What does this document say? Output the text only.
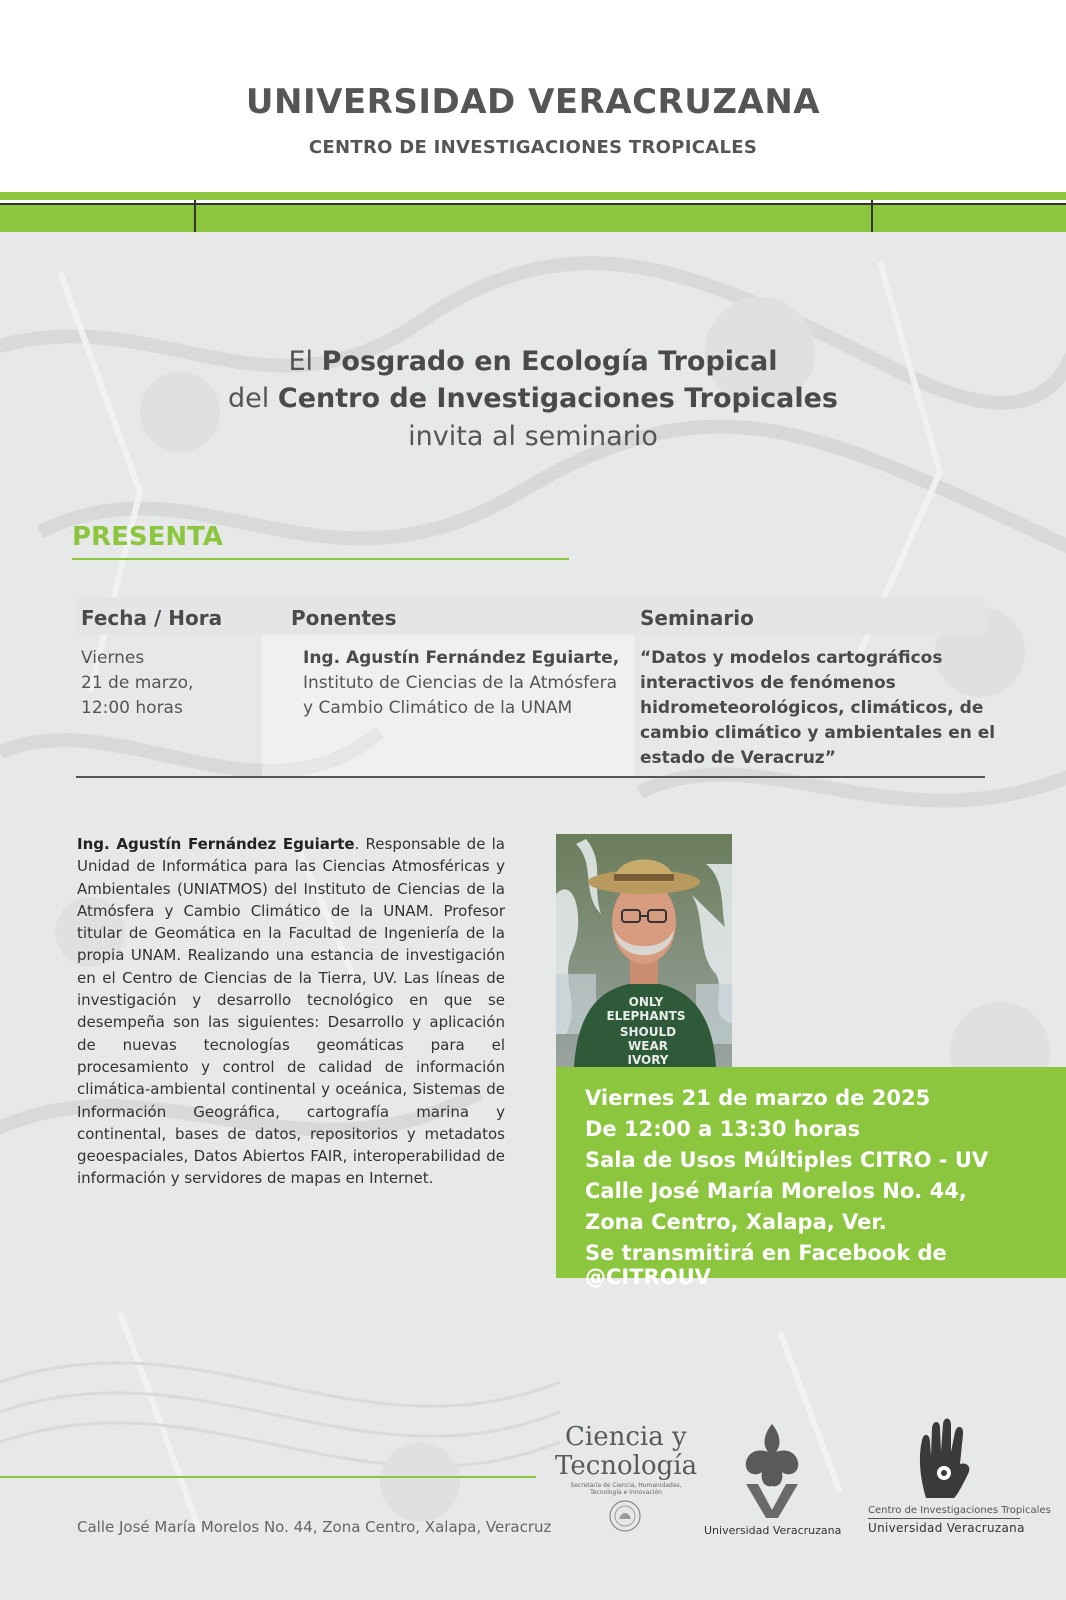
UNIVERSIDAD VERACRUZANA
CENTRO DE INVESTIGACIONES TROPICALES
El Posgrado en Ecología Tropical
del Centro de Investigaciones Tropicales
invita al seminario
PRESENTA
Fecha / Hora	Ponentes	Seminario
Viernes
21 de marzo,
12:00 horas
Ing. Agustín Fernández Eguiarte,
Instituto de Ciencias de la Atmósfera
y Cambio Climático de la UNAM
“Datos y modelos cartográficos
interactivos de fenómenos
hidrometeorológicos, climáticos, de
cambio climático y ambientales en el
estado de Veracruz”
Ing. Agustín Fernández Eguiarte. Responsable de la Unidad de Informática para las Ciencias Atmosféricas y Ambientales (UNIATMOS) del Instituto de Ciencias de la Atmósfera y Cambio Climático de la UNAM. Profesor titular de Geomática en la Facultad de Ingeniería de la propia UNAM. Realizando una estancia de investigación en el Centro de Ciencias de la Tierra, UV. Las líneas de investigación y desarrollo tecnológico en que se desempeña son las siguientes: Desarrollo y aplicación de nuevas tecnologías geomáticas para el procesamiento y control de calidad de información climática-ambiental continental y oceánica, Sistemas de Información Geográfica, cartografía marina y continental, bases de datos, repositorios y metadatos geoespaciales, Datos Abiertos FAIR, interoperabilidad de información y servidores de mapas en Internet.
ONLY
ELEPHANTS
SHOULD
WEAR
IVORY
Viernes 21 de marzo de 2025
De 12:00 a 13:30 horas
Sala de Usos Múltiples CITRO - UV
Calle José María Morelos No. 44,
Zona Centro, Xalapa, Ver.
Se transmitirá en Facebook de @CITROUV
Calle José María Morelos No. 44, Zona Centro, Xalapa, Veracruz
Ciencia y
Tecnología
Secretaría de Ciencia, Humanidades, Tecnología e Innovación
Universidad Veracruzana
Centro de Investigaciones Tropicales
Universidad Veracruzana
